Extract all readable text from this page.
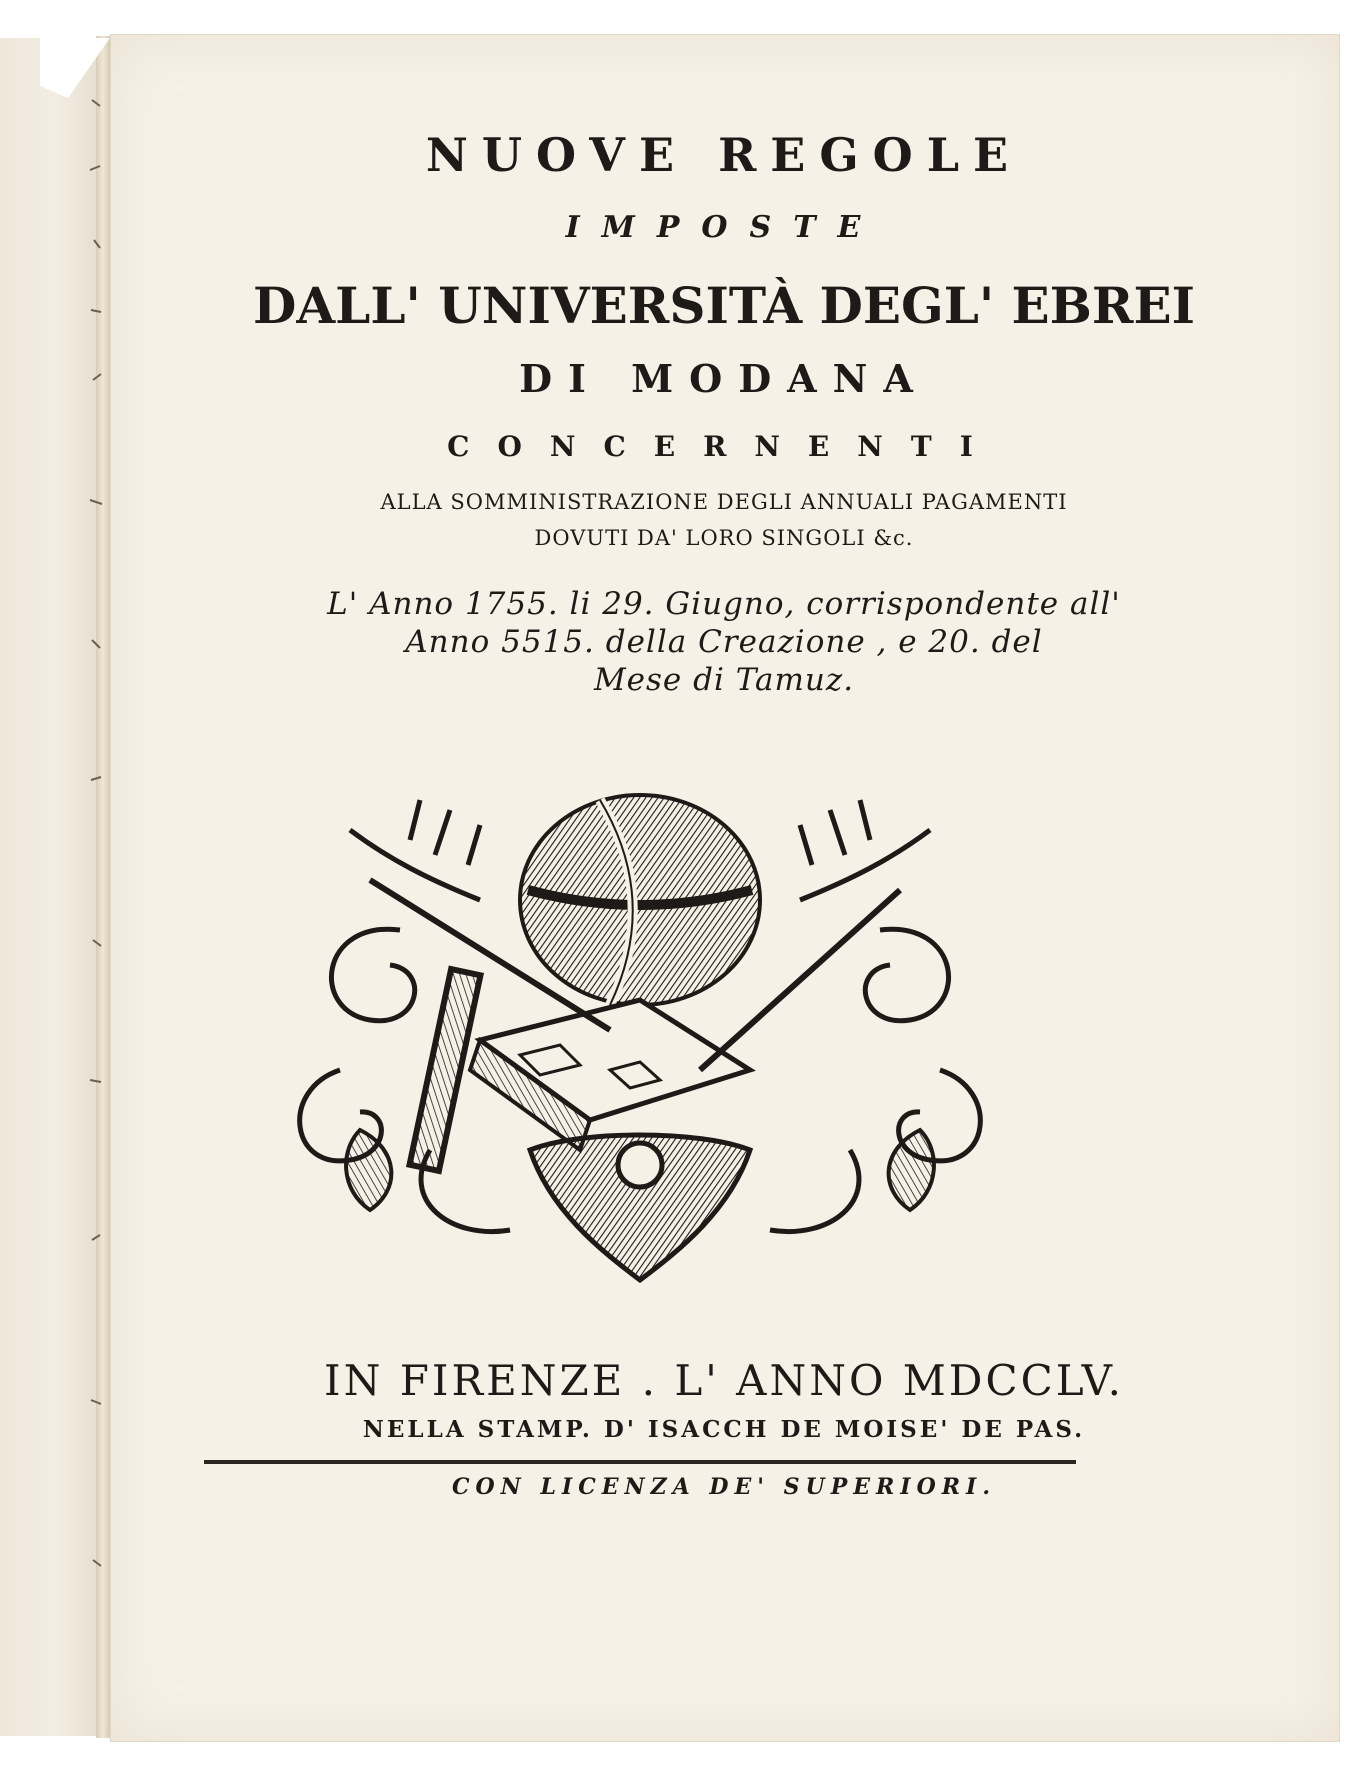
NUOVE REGOLE
IMPOSTE
DALL' UNIVERSITÀ DEGL' EBREI
DI MODANA
CONCERNENTI
ALLA SOMMINISTRAZIONE DEGLI ANNUALI PAGAMENTI
DOVUTI DA' LORO SINGOLI &c.
L' Anno 1755. li 29. Giugno, corrispondente all'
Anno 5515. della Creazione , e 20. del
Mese di Tamuz.
IN FIRENZE . L' ANNO MDCCLV.
NELLA STAMP. D' ISACCH DE MOISE' DE PAS.
CON LICENZA DE' SUPERIORI.
